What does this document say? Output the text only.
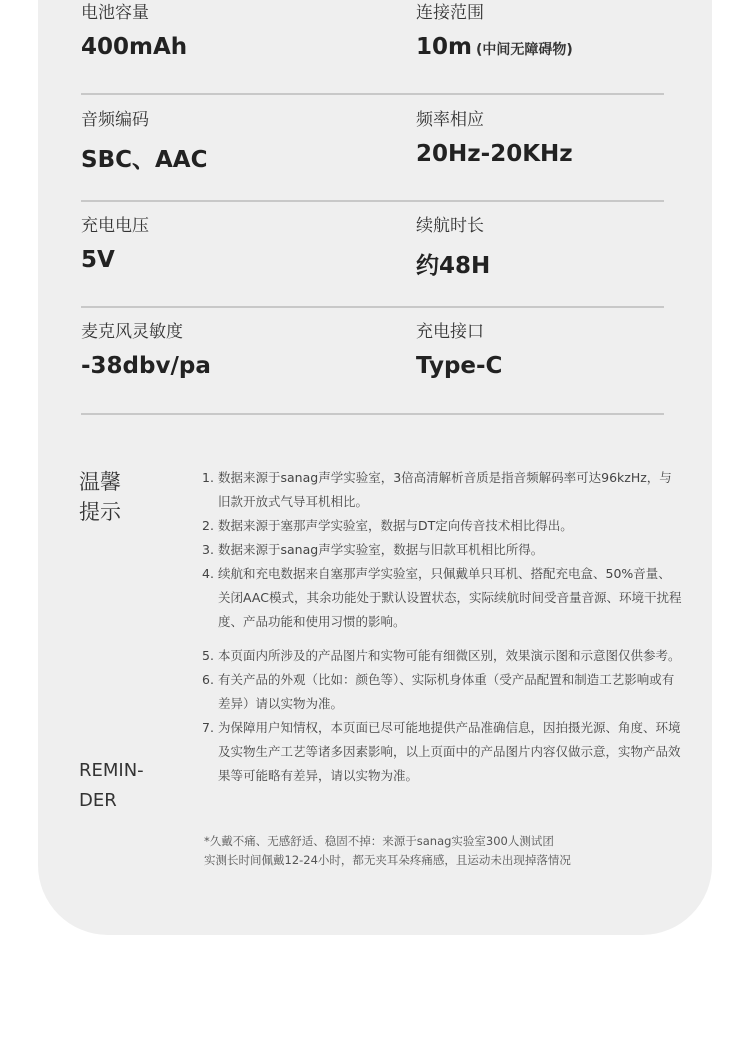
电池容量
400mAh
连接范围
10m (中间无障碍物)
音频编码
SBC、AAC
频率相应
20Hz-20KHz
充电电压
5V
续航时长
约48H
麦克风灵敏度
-38dbv/pa
充电接口
Type-C
温馨
提示
REMIN-
DER
1. 数据来源于sanag声学实验室，3倍高清解析音质是指音频解码率可达96kzHz，与旧款开放式气导耳机相比。
2. 数据来源于塞那声学实验室，数据与DT定向传音技术相比得出。
3. 数据来源于sanag声学实验室，数据与旧款耳机相比所得。
4. 续航和充电数据来自塞那声学实验室，只佩戴单只耳机、搭配充电盒、50%音量、关闭AAC模式，其余功能处于默认设置状态，实际续航时间受音量音源、环境干扰程度、产品功能和使用习惯的影响。
5. 本页面内所涉及的产品图片和实物可能有细微区别，效果演示图和示意图仅供参考。
6. 有关产品的外观（比如：颜色等）、实际机身体重（受产品配置和制造工艺影响或有差异）请以实物为准。
7. 为保障用户知情权，本页面已尽可能地提供产品准确信息，因拍摄光源、角度、环境及实物生产工艺等诸多因素影响，以上页面中的产品图片内容仅做示意，实物产品效果等可能略有差异，请以实物为准。
*久戴不痛、无感舒适、稳固不掉：来源于sanag实验室300人测试团
实测长时间佩戴12-24小时，都无夹耳朵疼痛感，且运动未出现掉落情况
